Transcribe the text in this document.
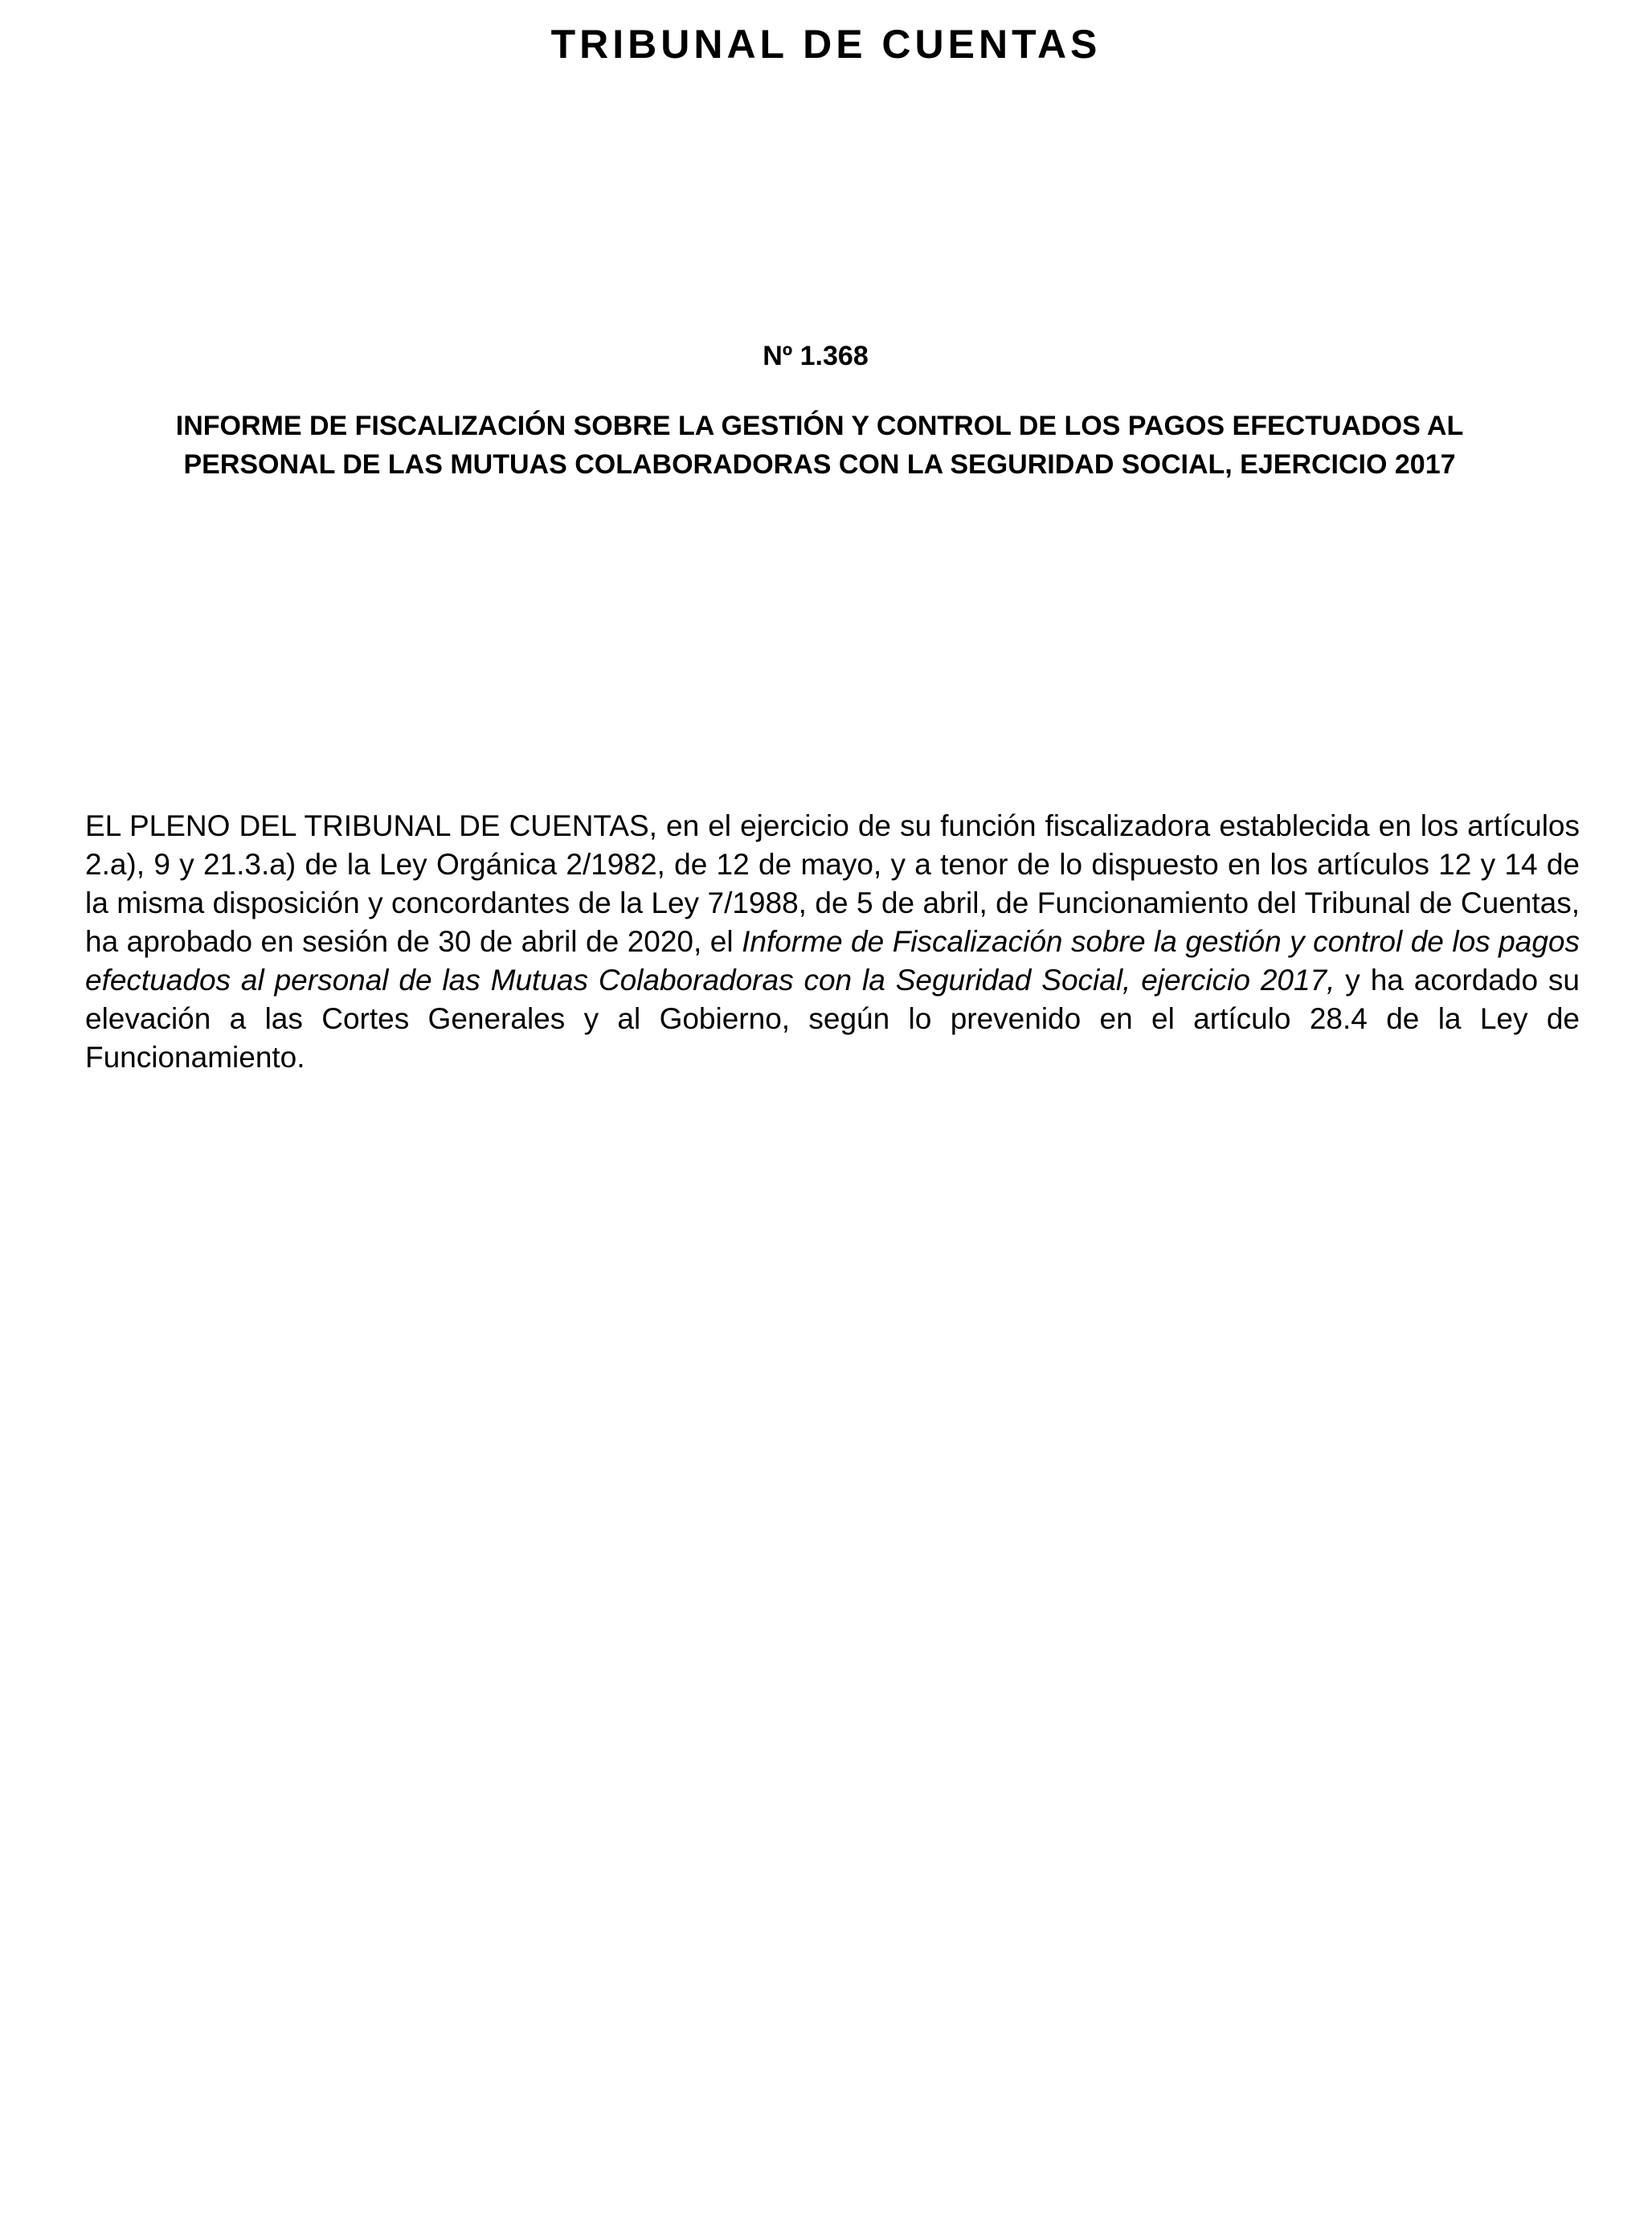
TRIBUNAL DE CUENTAS
Nº 1.368
INFORME DE FISCALIZACIÓN SOBRE LA GESTIÓN Y CONTROL DE LOS PAGOS EFECTUADOS AL
PERSONAL DE LAS MUTUAS COLABORADORAS CON LA SEGURIDAD SOCIAL, EJERCICIO 2017
EL PLENO DEL TRIBUNAL DE CUENTAS, en el ejercicio de su función fiscalizadora establecida en los artículos 2.a), 9 y 21.3.a) de la Ley Orgánica 2/1982, de 12 de mayo, y a tenor de lo dispuesto en los artículos 12 y 14 de la misma disposición y concordantes de la Ley 7/1988, de 5 de abril, de Funcionamiento del Tribunal de Cuentas, ha aprobado en sesión de 30 de abril de 2020, el Informe de Fiscalización sobre la gestión y control de los pagos efectuados al personal de las Mutuas Colaboradoras con la Seguridad Social, ejercicio 2017, y ha acordado su elevación a las Cortes Generales y al Gobierno, según lo prevenido en el artículo 28.4 de la Ley de Funcionamiento.
